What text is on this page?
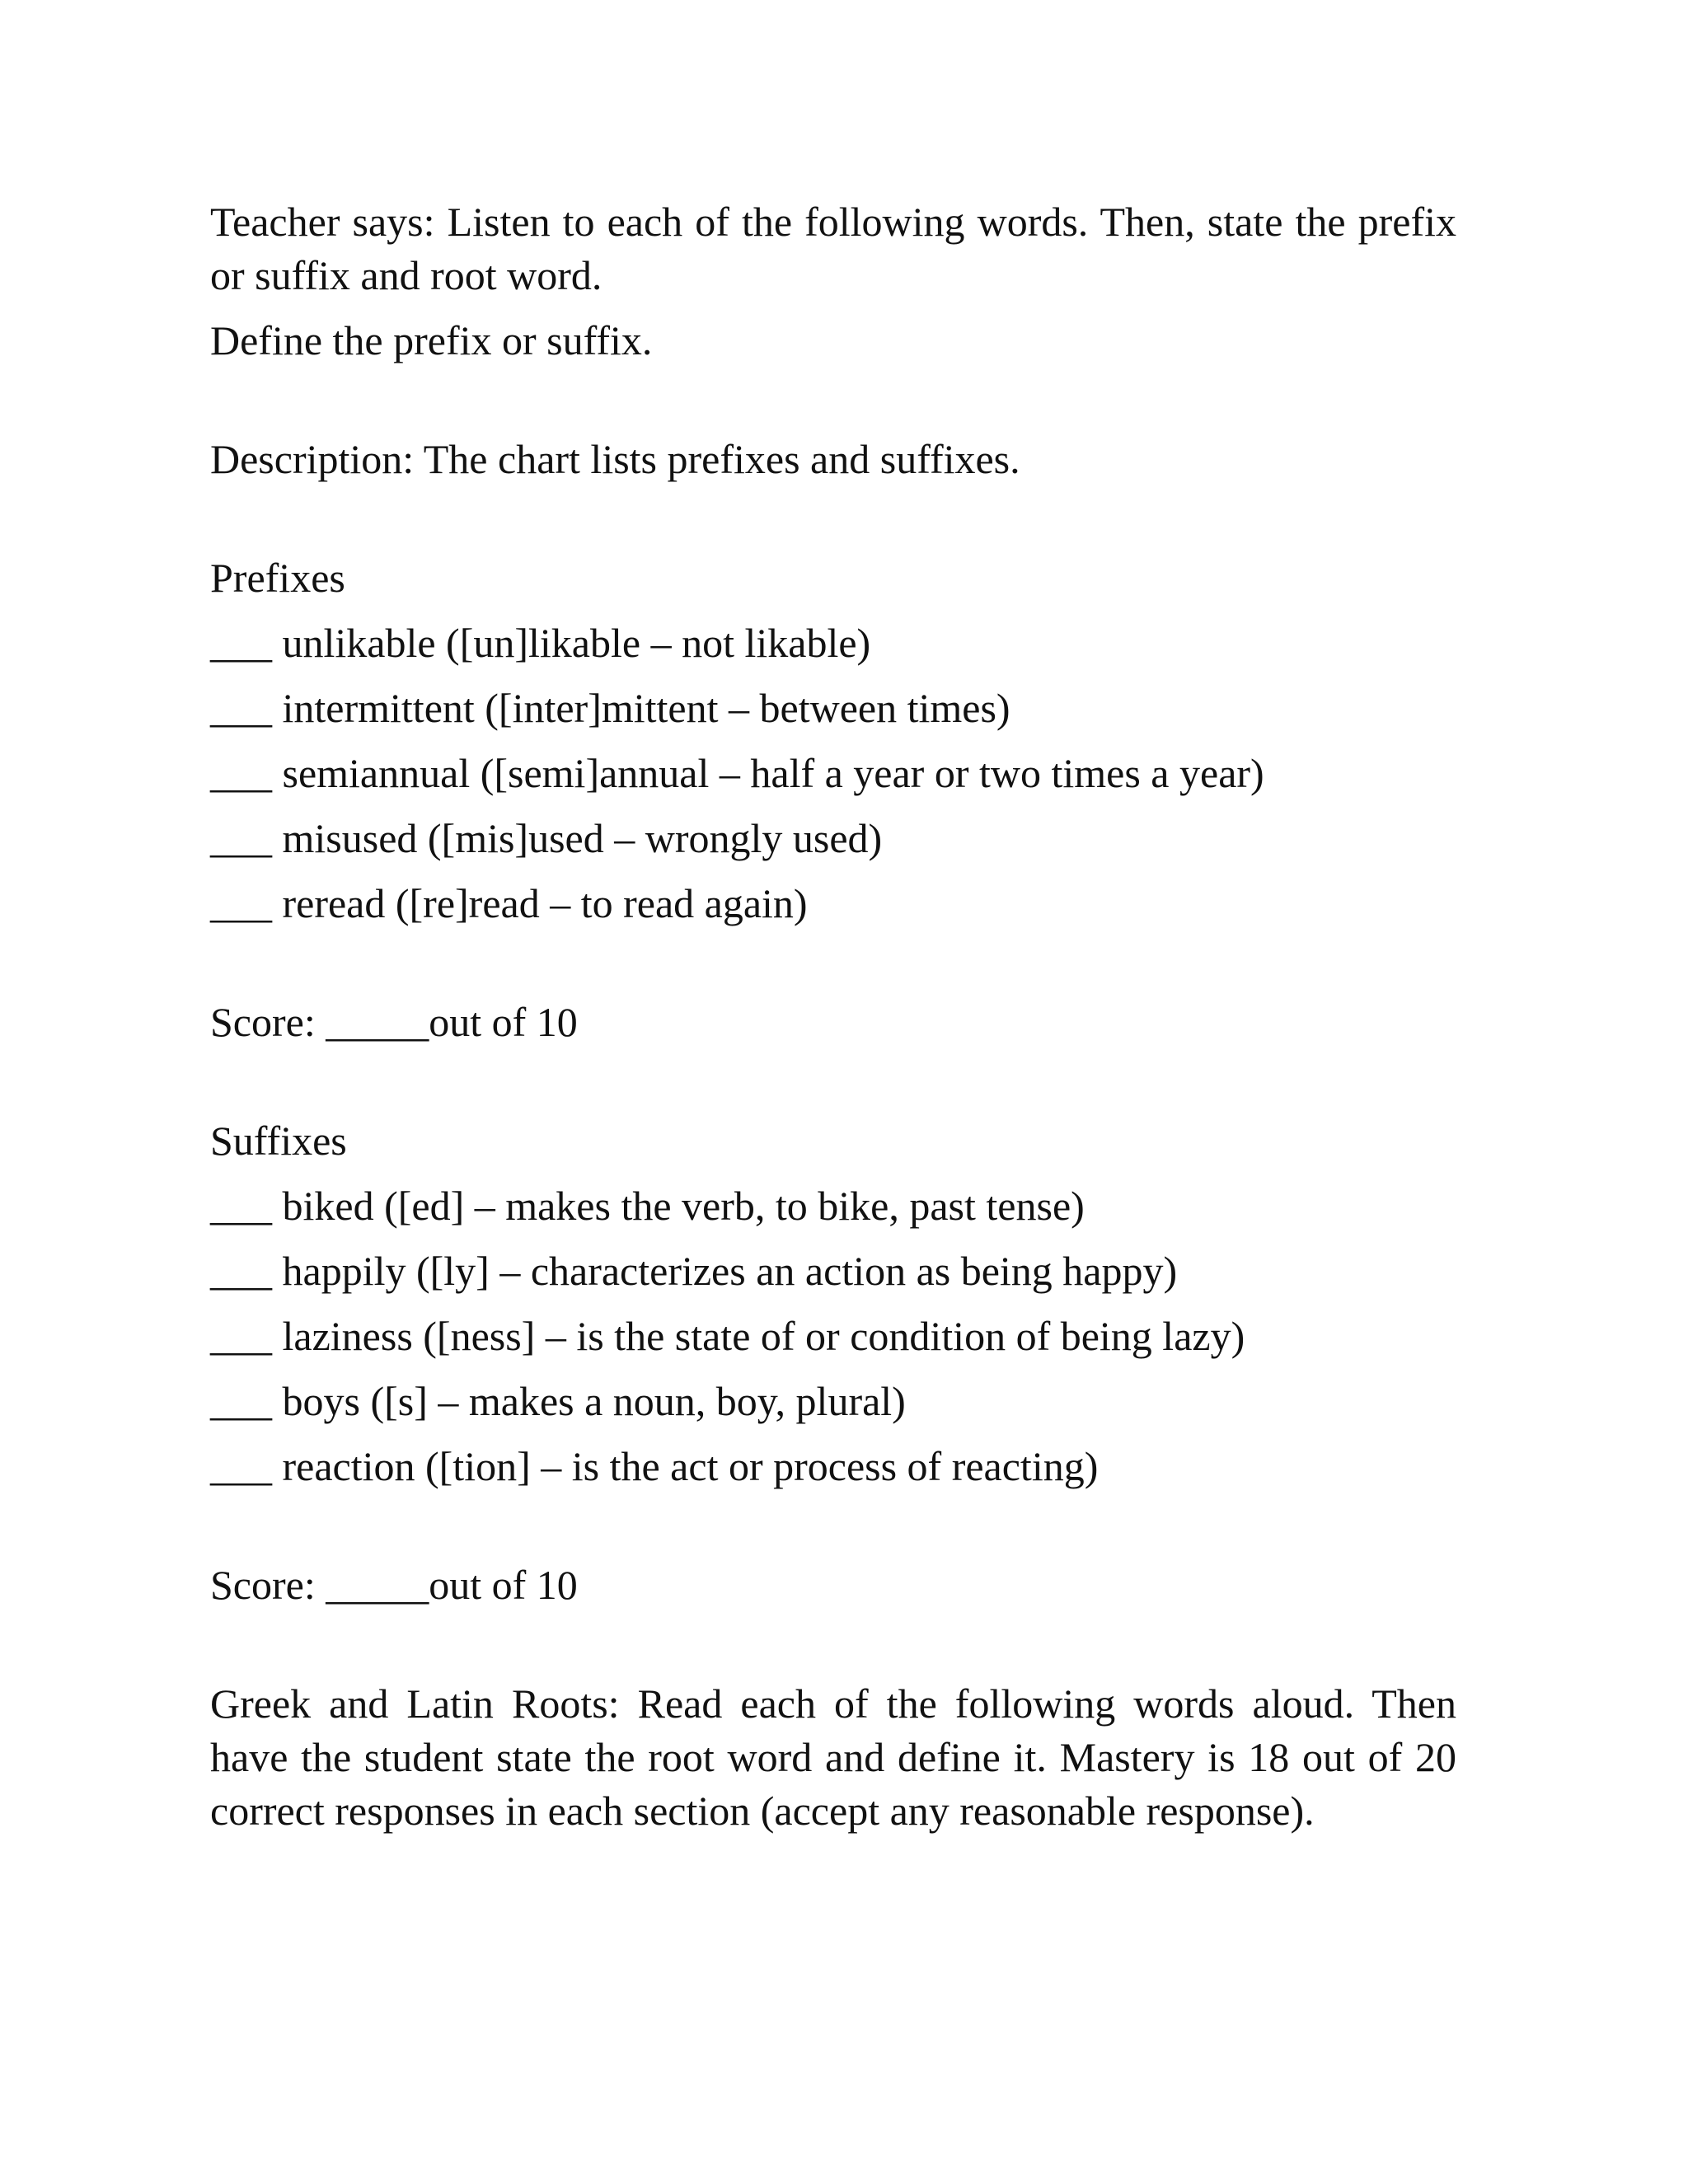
Teacher says: Listen to each of the following words. Then, state the prefix or suffix and root word.

Define the prefix or suffix.

Description: The chart lists prefixes and suffixes.

Prefixes
___ unlikable ([un]likable – not likable)
___ intermittent ([inter]mittent – between times)
___ semiannual ([semi]annual – half a year or two times a year)
___ misused ([mis]used – wrongly used)
___ reread ([re]read – to read again)
Score: _____out of 10
Suffixes
___ biked ([ed] – makes the verb, to bike, past tense)
___ happily ([ly] – characterizes an action as being happy)
___ laziness ([ness] – is the state of or condition of being lazy)
___ boys ([s] – makes a noun, boy, plural)
___ reaction ([tion] – is the act or process of reacting)
Score: _____out of 10

Greek and Latin Roots: Read each of the following words aloud. Then have the student state the root word and define it. Mastery is 18 out of 20 correct responses in each section (accept any reasonable response).
